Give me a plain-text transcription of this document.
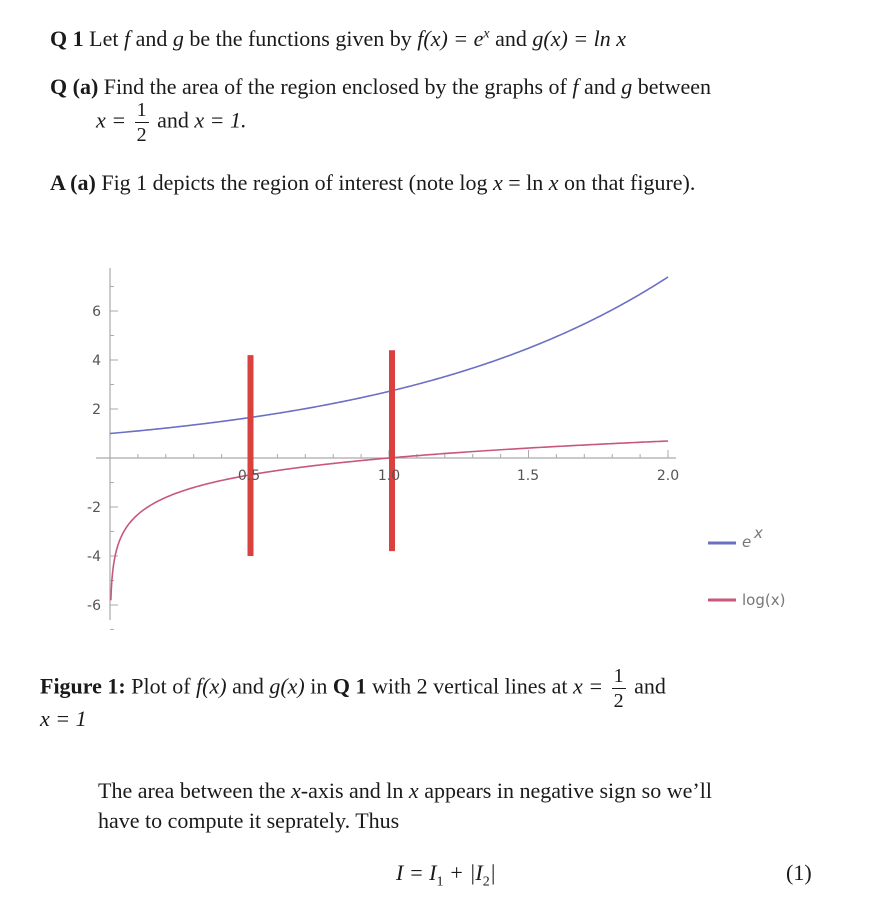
Q 1 Let f and g be the functions given by $f(x) = e^x$ and g(x) = ln x
Q (a) Find the area of the region enclosed by the graphs of f and g between
$x = \frac{1}{2}$ and x = 1.
A (a) Fig 1 depicts the region of interest (note log x = ln x on that figure).
0.5	1.0	1.5	2.0
6
4
2
-2
-4
-6
e x
log(x)
Figure 1: Plot of f(x) and g(x) in Q 1 with 2 vertical lines at $x = \frac{1}{2}$ and
x = 1
The area between the x-axis and ln x appears in negative sign so we’ll
have to compute it seprately. Thus
$I = I_1 + |I_2|$	(1)
